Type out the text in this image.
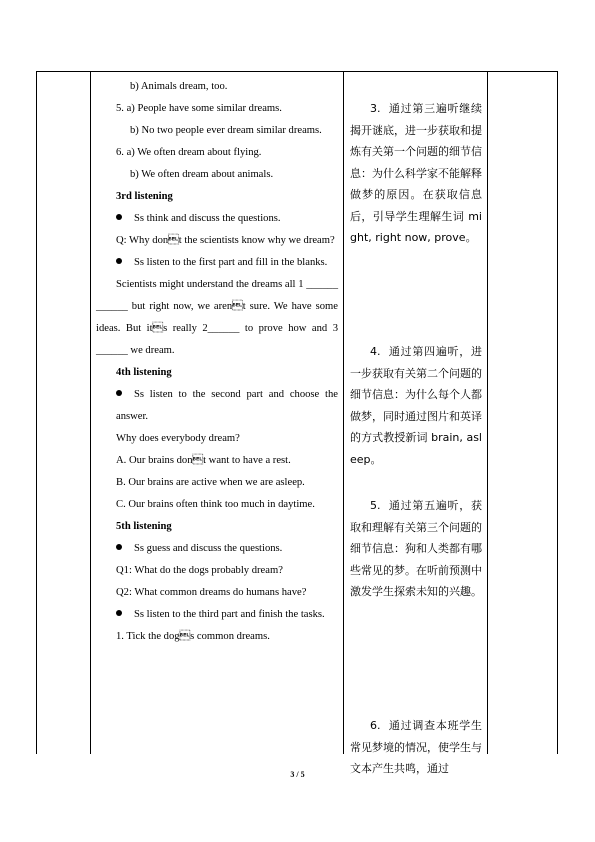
b) Animals dream, too.

5. a) People have some similar dreams.

b) No two people ever dream similar dreams.

6. a) We often dream about flying.

b) We often dream about animals.

3rd listening

Ss think and discuss the questions.

Q: Why dont the scientists know why we dream?

Ss listen to the first part and fill in the blanks.

Scientists might understand the dreams all 1 ______ ______ but right now, we arent sure. We have some ideas. But its really 2______ to prove how and 3 ______ we dream.

4th listening

Ss listen to the second part and choose the answer.

Why does everybody dream?

A. Our brains dont want to have a rest.

B. Our brains are active when we are asleep.

C. Our brains often think too much in daytime.

5th listening

Ss guess and discuss the questions.

Q1: What do the dogs probably dream?

Q2: What common dreams do humans have?

Ss listen to the third part and finish the tasks.

1. Tick the dogs common dreams.

3.  通过第三遍听继续揭开谜底，进一步获取和提炼有关第一个问题的细节信息：为什么科学家不能解释做梦的原因。在获取信息后，引导学生理解生词 might, right now, prove。

4.  通过第四遍听，进一步获取有关第二个问题的细节信息：为什么每个人都做梦，同时通过图片和英译的方式教授新词 brain, asleep。

5.  通过第五遍听，获取和理解有关第三个问题的细节信息：狗和人类都有哪些常见的梦。在听前预测中激发学生探索未知的兴趣。

6.  通过调查本班学生常见梦境的情况，使学生与文本产生共鸣，通过

3 / 5
